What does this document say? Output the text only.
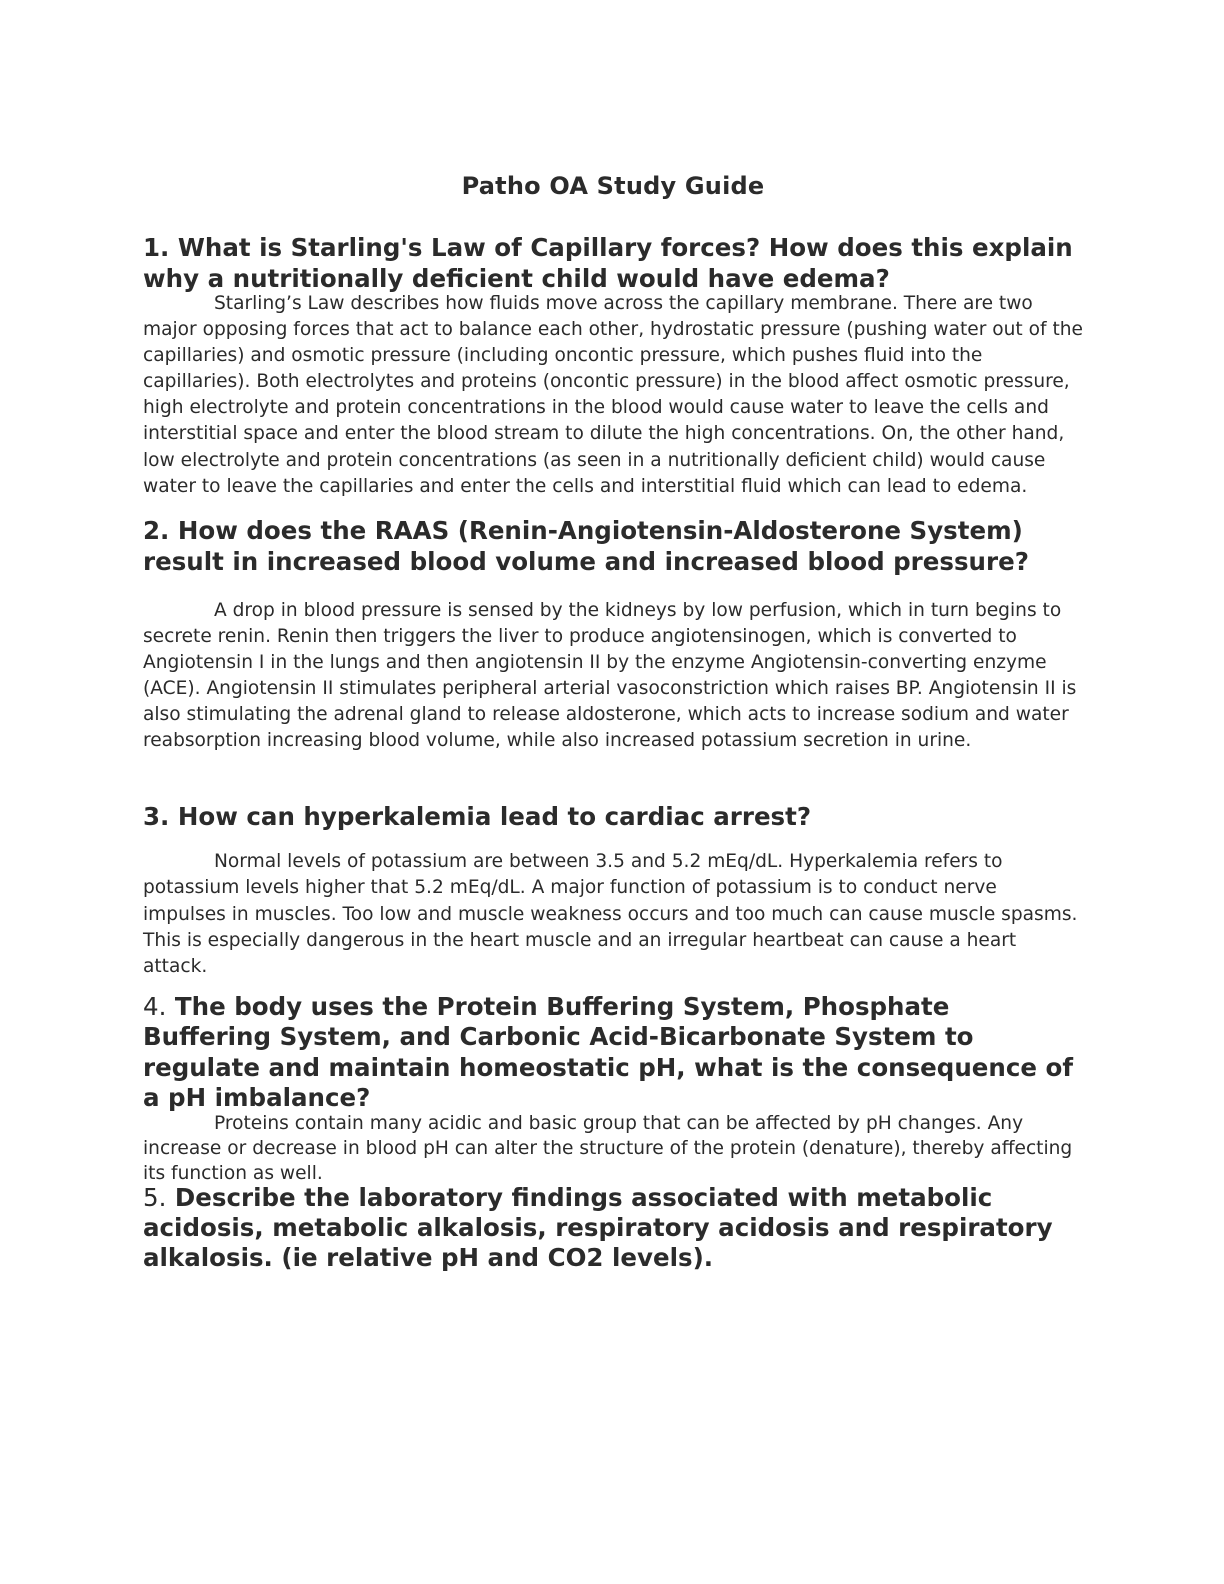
Patho OA Study Guide
1. What is Starling's Law of Capillary forces? How does this explain why a nutritionally deficient child would have edema?

Starling’s Law describes how fluids move across the capillary membrane. There are two major opposing forces that act to balance each other, hydrostatic pressure (pushing water out of the capillaries) and osmotic pressure (including oncontic pressure, which pushes fluid into the capillaries). Both electrolytes and proteins (oncontic pressure) in the blood affect osmotic pressure, high electrolyte and protein concentrations in the blood would cause water to leave the cells and interstitial space and enter the blood stream to dilute the high concentrations. On, the other hand, low electrolyte and protein concentrations (as seen in a nutritionally deficient child) would cause water to leave the capillaries and enter the cells and interstitial fluid which can lead to edema.

2. How does the RAAS (Renin-Angiotensin-Aldosterone System) result in increased blood volume and increased blood pressure?

A drop in blood pressure is sensed by the kidneys by low perfusion, which in turn begins to secrete renin. Renin then triggers the liver to produce angiotensinogen, which is converted to Angiotensin I in the lungs and then angiotensin II by the enzyme Angiotensin-converting enzyme (ACE). Angiotensin II stimulates peripheral arterial vasoconstriction which raises BP. Angiotensin II is also stimulating the adrenal gland to release aldosterone, which acts to increase sodium and water reabsorption increasing blood volume, while also increased potassium secretion in urine.

3. How can hyperkalemia lead to cardiac arrest?

Normal levels of potassium are between 3.5 and 5.2 mEq/dL. Hyperkalemia refers to potassium levels higher that 5.2 mEq/dL. A major function of potassium is to conduct nerve impulses in muscles. Too low and muscle weakness occurs and too much can cause muscle spasms. This is especially dangerous in the heart muscle and an irregular heartbeat can cause a heart attack.

4. The body uses the Protein Buffering System, Phosphate Buffering System, and Carbonic Acid-Bicarbonate System to regulate and maintain homeostatic pH, what is the consequence of a pH imbalance?

Proteins contain many acidic and basic group that can be affected by pH changes. Any increase or decrease in blood pH can alter the structure of the protein (denature), thereby affecting its function as well.

5. Describe the laboratory findings associated with metabolic acidosis, metabolic alkalosis, respiratory acidosis and respiratory alkalosis. (ie relative pH and CO2 levels).
